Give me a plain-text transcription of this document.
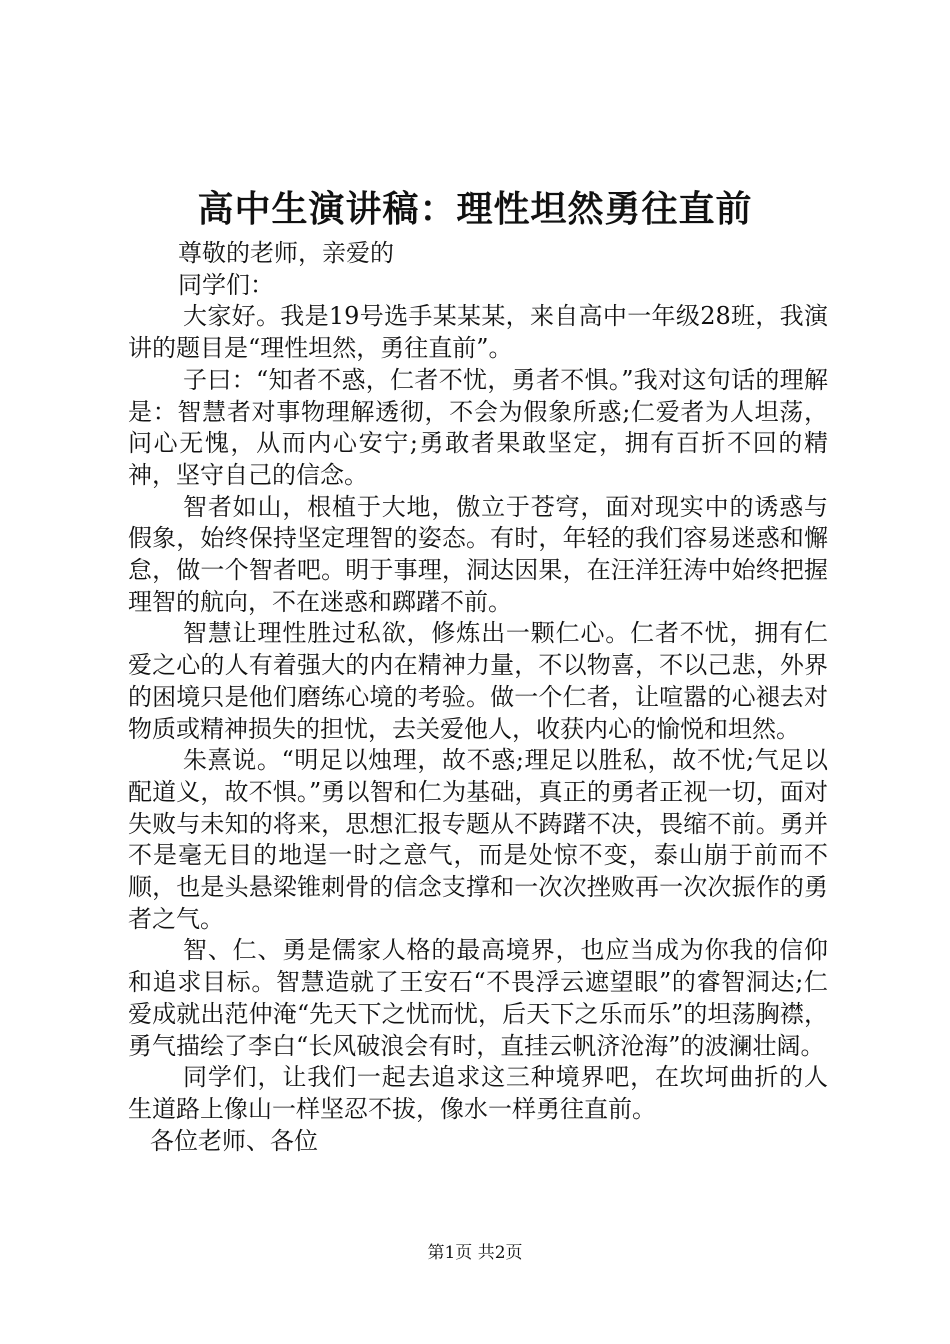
高中生演讲稿：理性坦然勇往直前

尊敬的老师，亲爱的

同学们：

大家好。我是19号选手某某某，来自高中一年级28班，我演讲的题目是“理性坦然，勇往直前”。

子曰：“知者不惑，仁者不忧，勇者不惧。”我对这句话的理解是：智慧者对事物理解透彻，不会为假象所惑;仁爱者为人坦荡，问心无愧，从而内心安宁;勇敢者果敢坚定，拥有百折不回的精神，坚守自己的信念。

智者如山，根植于大地，傲立于苍穹，面对现实中的诱惑与假象，始终保持坚定理智的姿态。有时，年轻的我们容易迷惑和懈怠，做一个智者吧。明于事理，洞达因果，在汪洋狂涛中始终把握理智的航向，不在迷惑和踯躇不前。

智慧让理性胜过私欲，修炼出一颗仁心。仁者不忧，拥有仁爱之心的人有着强大的内在精神力量，不以物喜，不以己悲，外界的困境只是他们磨练心境的考验。做一个仁者，让喧嚣的心褪去对物质或精神损失的担忧，去关爱他人，收获内心的愉悦和坦然。

朱熹说。“明足以烛理，故不惑;理足以胜私，故不忧;气足以配道义，故不惧。”勇以智和仁为基础，真正的勇者正视一切，面对失败与未知的将来，思想汇报专题从不踌躇不决，畏缩不前。勇并不是毫无目的地逞一时之意气，而是处惊不变，泰山崩于前而不顺，也是头悬梁锥刺骨的信念支撑和一次次挫败再一次次振作的勇者之气。

智、仁、勇是儒家人格的最高境界，也应当成为你我的信仰和追求目标。智慧造就了王安石“不畏浮云遮望眼”的睿智洞达;仁爱成就出范仲淹“先天下之忧而忧，后天下之乐而乐”的坦荡胸襟，勇气描绘了李白“长风破浪会有时，直挂云帆济沧海”的波澜壮阔。

同学们，让我们一起去追求这三种境界吧，在坎坷曲折的人生道路上像山一样坚忍不拔，像水一样勇往直前。

各位老师、各位

第1页 共2页
